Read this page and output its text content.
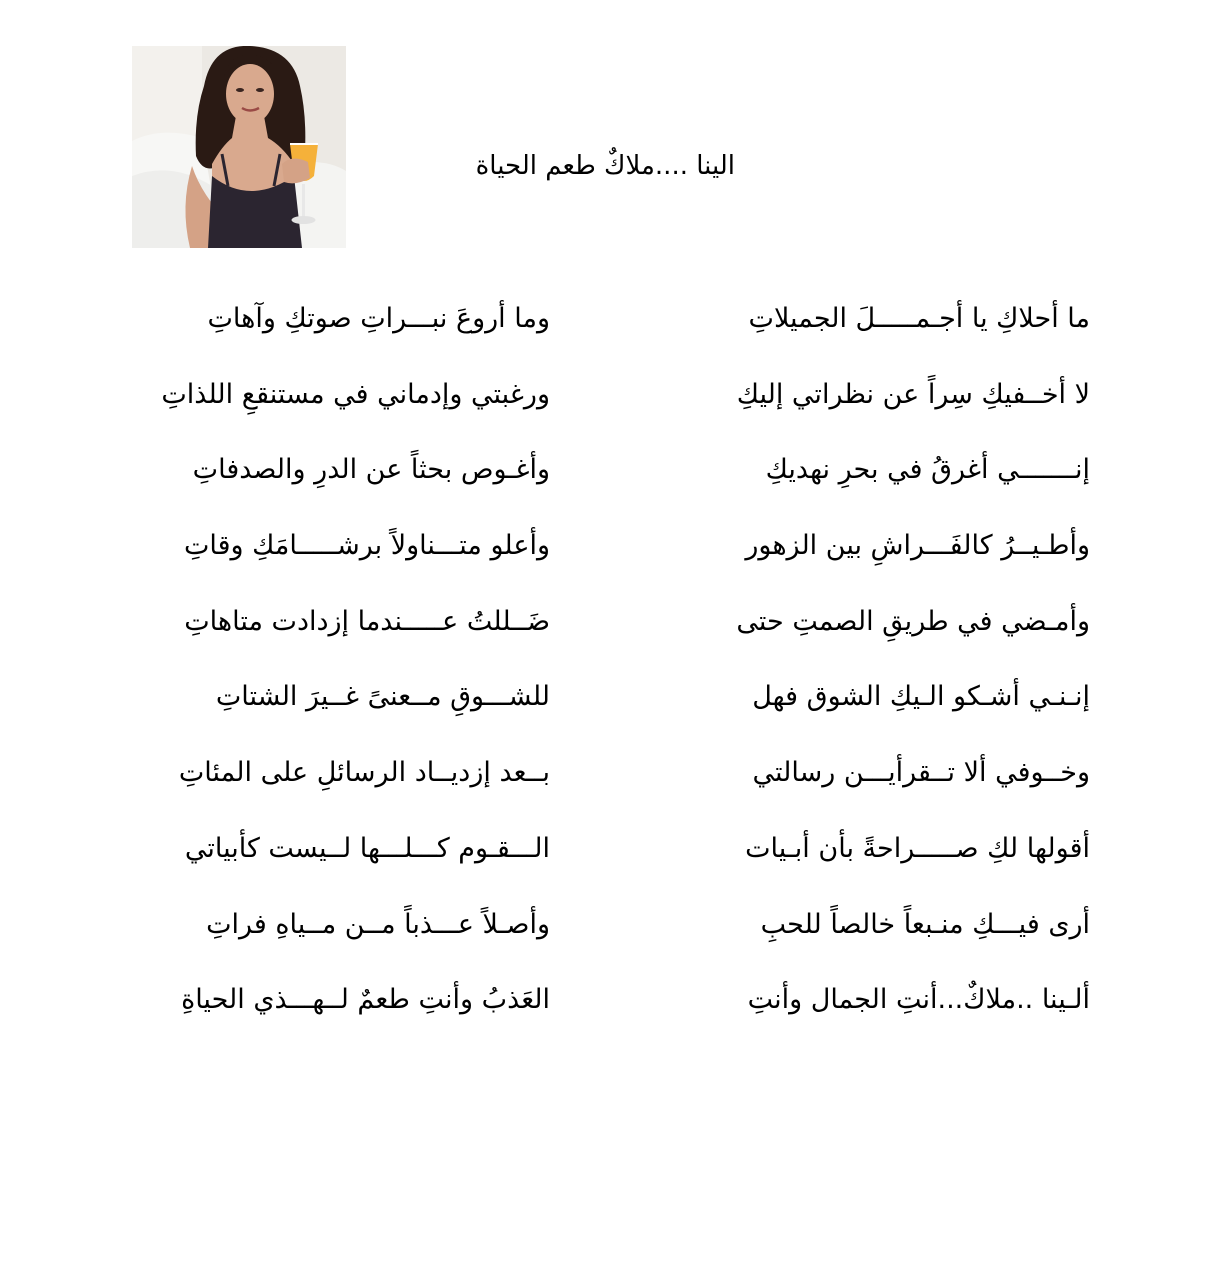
الينا ....ملاكٌ طعم الحياة
ما أحلاكِ يا أجـمـــــلَ الجميلاتِ
وما أروعَ نبـــراتِ صوتكِ وآهاتِ
لا أخــفيكِ سِراً عن نظراتي إليكِ
ورغبتي وإدماني في مستنقعِ اللذاتِ
إنـــــــي أغرقُ في بحرِ نهديكِ
وأغـوص بحثاً عن الدرِ والصدفاتِ
وأطـيــرُ كالفَـــراشِ بين الزهور
وأعلو متـــناولاً برشـــــامَكِ وقاتِ
وأمـضي في طريقِ الصمتِ حتى
ضَــللتُ عـــــندما إزدادت متاهاتِ
إنـنـي أشـكو الـيكِ الشوق فهل
للشـــوقِ مــعنىً غــيرَ الشتاتِ
وخــوفي ألا تــقرأيـــن رسالتي
بــعد إزديــاد الرسائلِ على المئاتِ
أقولها لكِ صـــــراحةً بأن أبـيات
الـــقـوم كـــلـــها لــيست كأبياتي
أرى فيـــكِ منـبعاً خالصاً للحبِ
وأصـلاً عـــذباً مــن مــياهِ فراتِ
ألـينا ..ملاكٌ...أنتِ الجمال وأنتِ
العَذبُ وأنتِ طعمٌ لــهـــذي الحياةِ
